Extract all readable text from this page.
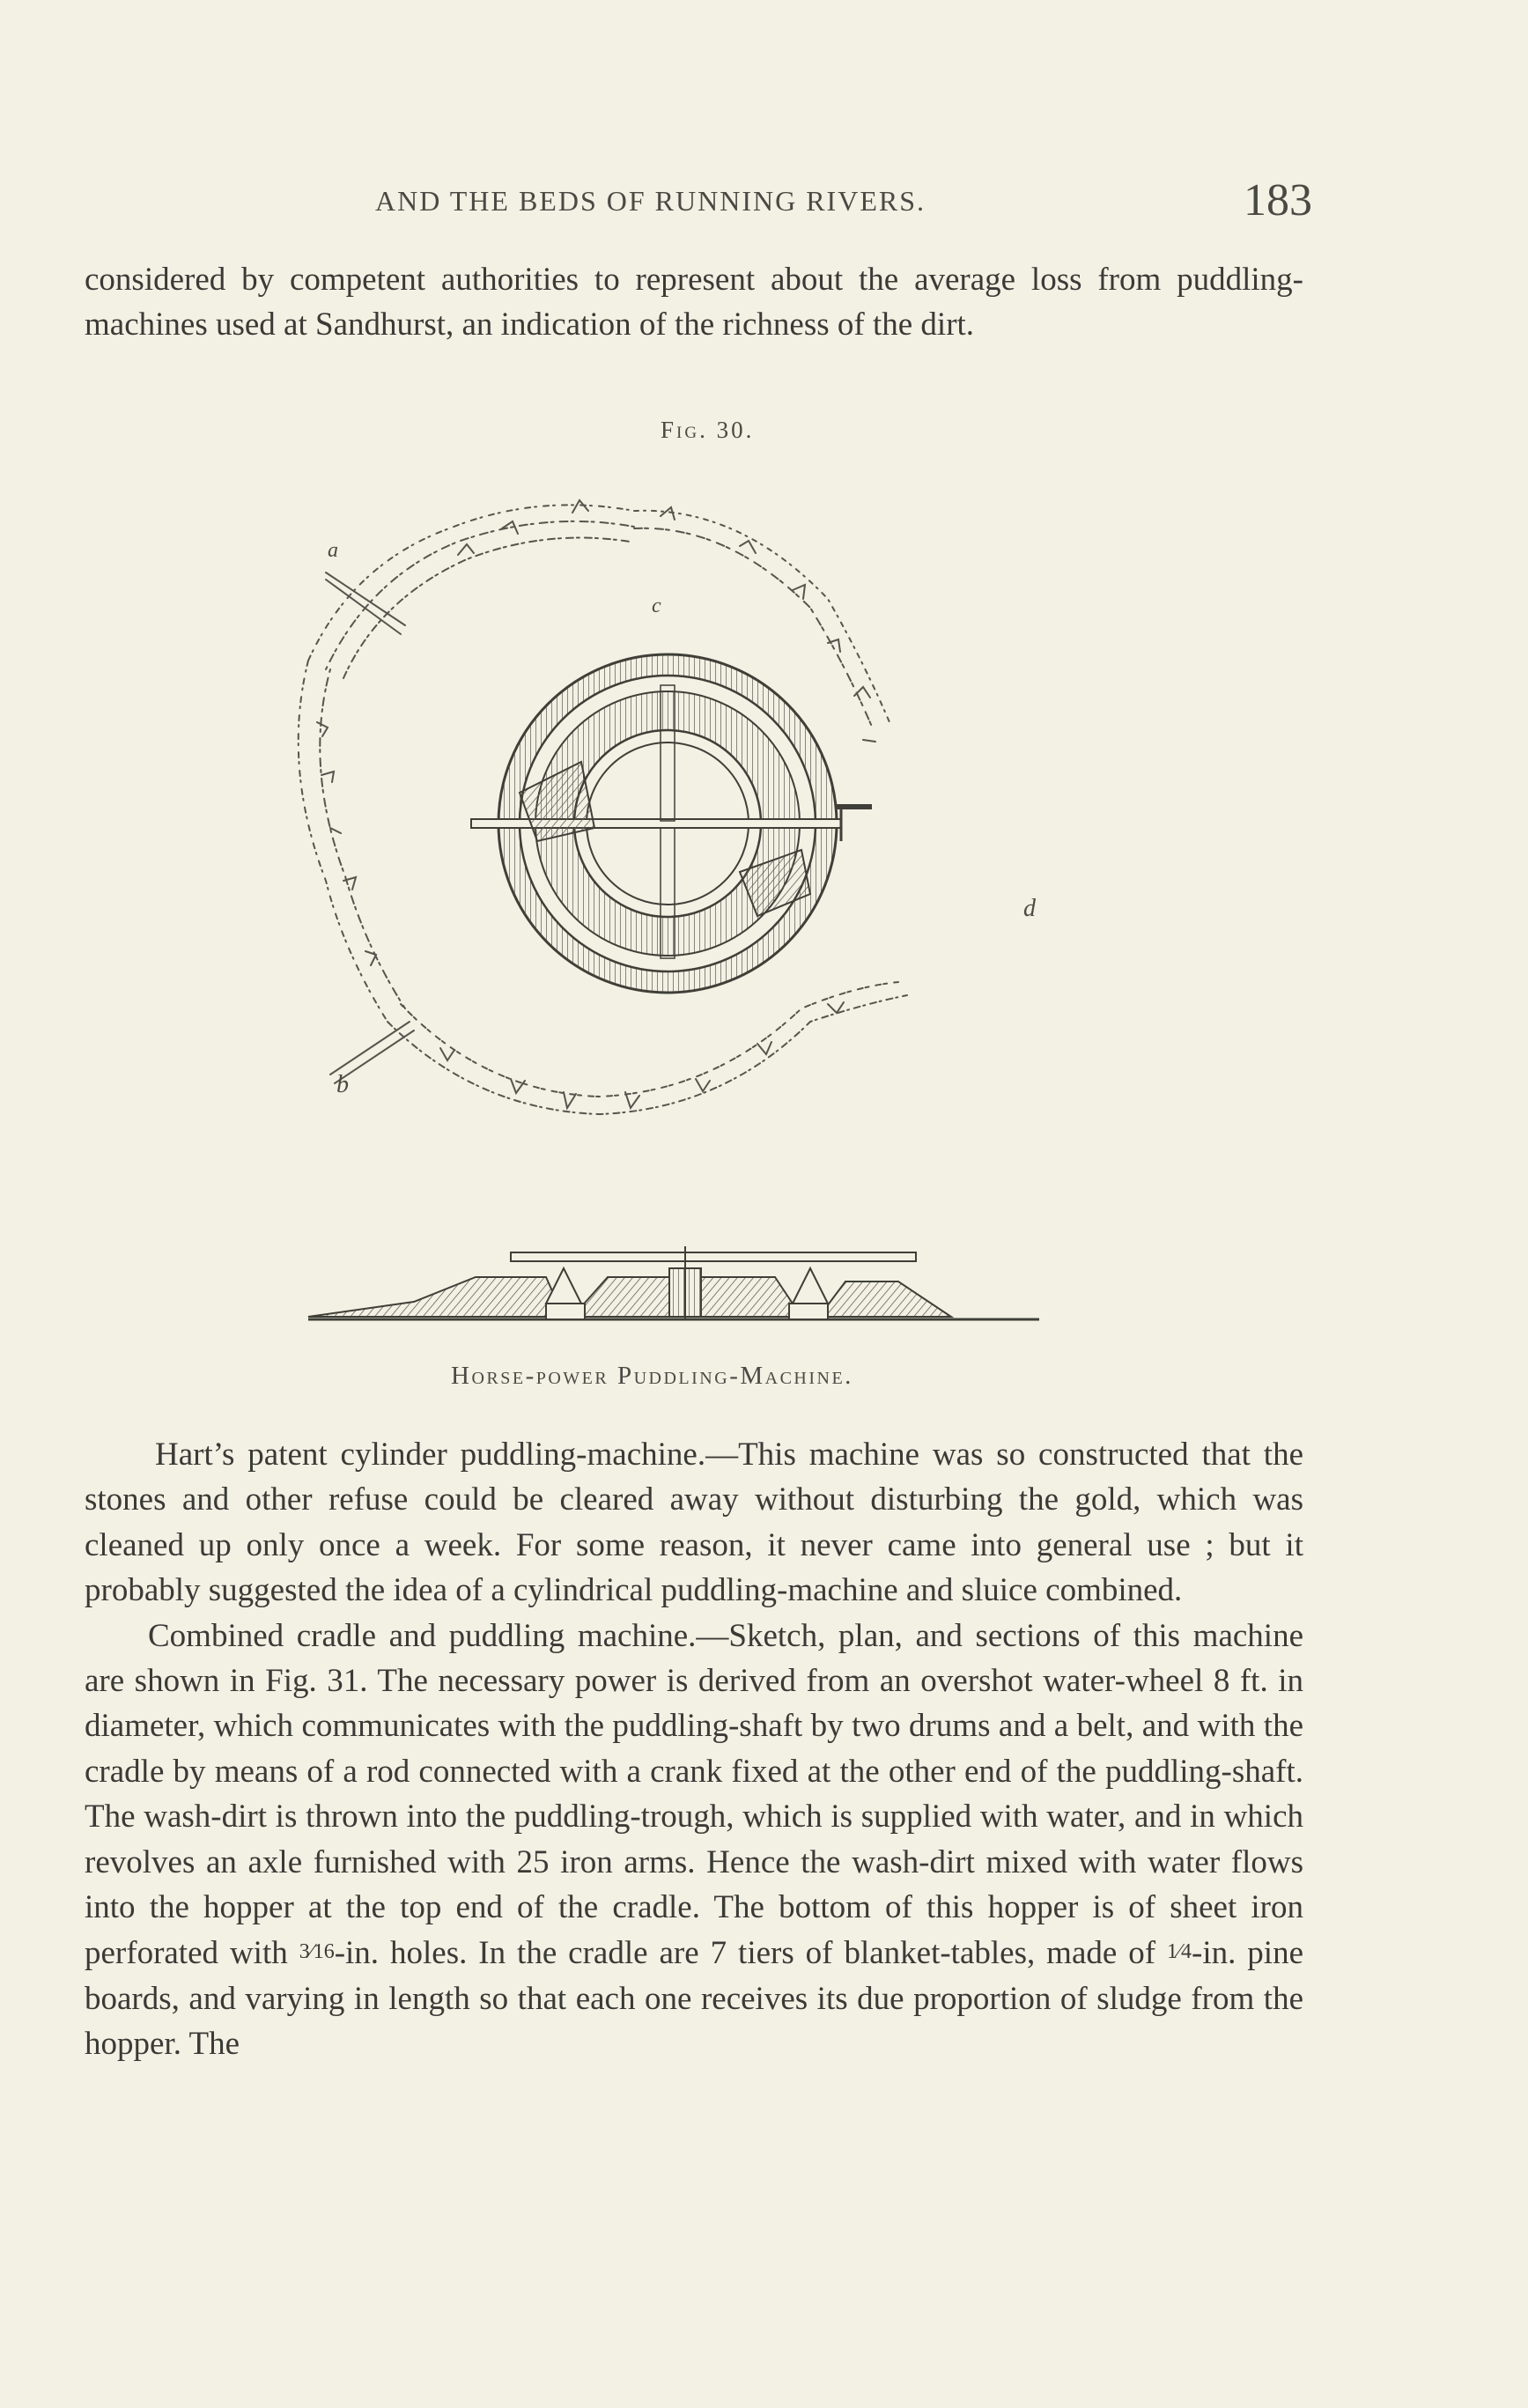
AND THE BEDS OF RUNNING RIVERS.	183
considered by competent authorities to represent about the average loss from puddling-machines used at Sandhurst, an indication of the richness of the dirt.
Fig. 30.
a
c
d
b
Horse-power Puddling-Machine.

Hart’s patent cylinder puddling-machine.—This machine was so constructed that the stones and other refuse could be cleared away without disturbing the gold, which was cleaned up only once a week. For some reason, it never came into general use ; but it probably suggested the idea of a cylindrical puddling-machine and sluice combined.

Combined cradle and puddling machine.—Sketch, plan, and sections of this machine are shown in Fig. 31. The necessary power is derived from an overshot water-wheel 8 ft. in diameter, which communicates with the puddling-shaft by two drums and a belt, and with the cradle by means of a rod connected with a crank fixed at the other end of the puddling-shaft. The wash-dirt is thrown into the puddling-trough, which is supplied with water, and in which revolves an axle furnished with 25 iron arms. Hence the wash-dirt mixed with water flows into the hopper at the top end of the cradle. The bottom of this hopper is of sheet iron perforated with 3⁄16-in. holes. In the cradle are 7 tiers of blanket-tables, made of 1⁄4-in. pine boards, and varying in length so that each one receives its due proportion of sludge from the hopper. The
